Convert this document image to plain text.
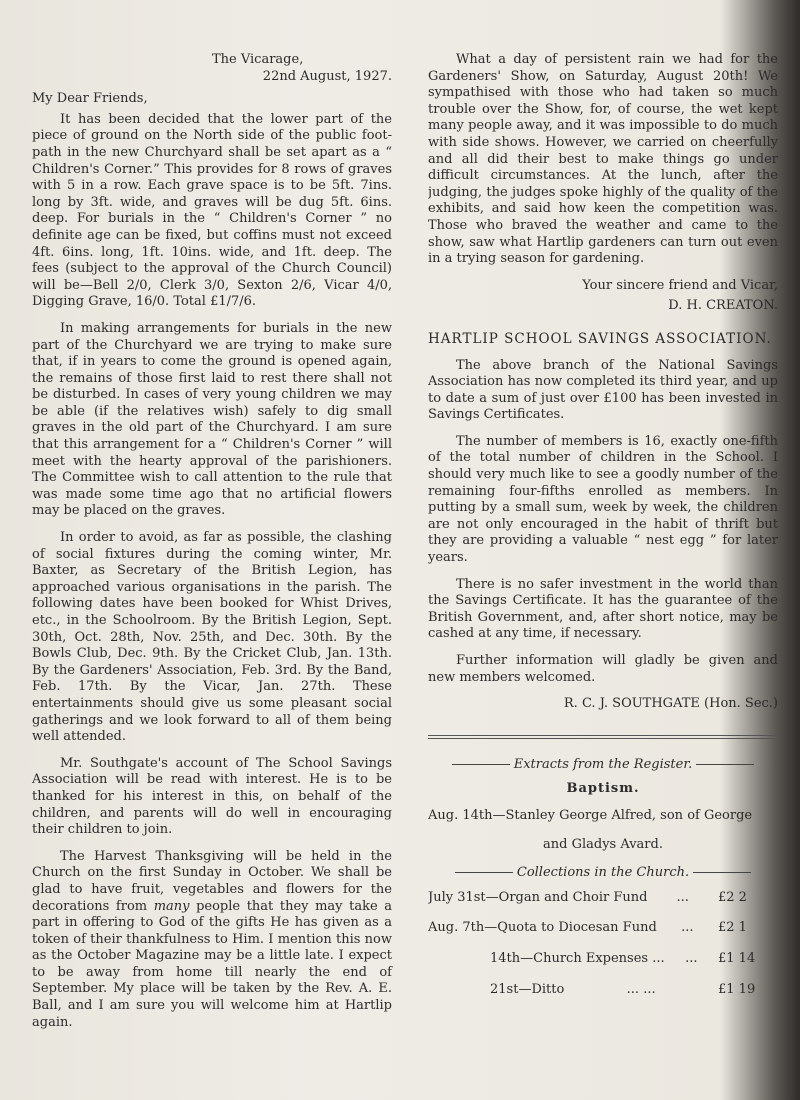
The Vicarage,

22nd August, 1927.

My Dear Friends,

It has been decided that the lower part of the piece of ground on the North side of the public foot-path in the new Churchyard shall be set apart as a “ Children's Corner.” This provides for 8 rows of graves with 5 in a row. Each grave space is to be 5ft. 7ins. long by 3ft. wide, and graves will be dug 5ft. 6ins. deep. For burials in the “ Children's Corner ” no definite age can be fixed, but coffins must not exceed 4ft. 6ins. long, 1ft. 10ins. wide, and 1ft. deep. The fees (subject to the approval of the Church Council) will be—Bell 2/0, Clerk 3/0, Sexton 2/6, Vicar 4/0, Digging Grave, 16/0. Total £1/7/6.

In making arrangements for burials in the new part of the Churchyard we are trying to make sure that, if in years to come the ground is opened again, the remains of those first laid to rest there shall not be disturbed. In cases of very young children we may be able (if the relatives wish) safely to dig small graves in the old part of the Churchyard. I am sure that this arrangement for a “ Children's Corner ” will meet with the hearty approval of the parishioners. The Committee wish to call attention to the rule that was made some time ago that no artificial flowers may be placed on the graves.

In order to avoid, as far as possible, the clashing of social fixtures during the coming winter, Mr. Baxter, as Secretary of the British Legion, has approached various organisations in the parish. The following dates have been booked for Whist Drives, etc., in the Schoolroom. By the British Legion, Sept. 30th, Oct. 28th, Nov. 25th, and Dec. 30th. By the Bowls Club, Dec. 9th. By the Cricket Club, Jan. 13th. By the Gardeners' Association, Feb. 3rd. By the Band, Feb. 17th. By the Vicar, Jan. 27th. These entertainments should give us some pleasant social gatherings and we look forward to all of them being well attended.

Mr. Southgate's account of The School Savings Association will be read with interest. He is to be thanked for his interest in this, on behalf of the children, and parents will do well in encouraging their children to join.

The Harvest Thanksgiving will be held in the Church on the first Sunday in October. We shall be glad to have fruit, vegetables and flowers for the decorations from many people that they may take a part in offering to God of the gifts He has given as a token of their thankfulness to Him. I mention this now as the October Magazine may be a little late. I expect to be away from home till nearly the end of September. My place will be taken by the Rev. A. E. Ball, and I am sure you will welcome him at Hartlip again.

What a day of persistent rain we had for the Gardeners' Show, on Saturday, August 20th! We sympathised with those who had taken so much trouble over the Show, for, of course, the wet kept many people away, and it was impossible to do much with side shows. However, we carried on cheerfully and all did their best to make things go under difficult circumstances. At the lunch, after the judging, the judges spoke highly of the quality of the exhibits, and said how keen the competition was. Those who braved the weather and came to the show, saw what Hartlip gardeners can turn out even in a trying season for gardening.

Your sincere friend and Vicar,

D. H. CREATON.

HARTLIP SCHOOL SAVINGS ASSOCIATION.

The above branch of the National Savings Association has now completed its third year, and up to date a sum of just over £100 has been invested in Savings Certificates.

The number of members is 16, exactly one-fifth of the total number of children in the School. I should very much like to see a goodly number of the remaining four-fifths enrolled as members. In putting by a small sum, week by week, the children are not only encouraged in the habit of thrift but they are providing a valuable “ nest egg ” for later years.

There is no safer investment in the world than the Savings Certificate. It has the guarantee of the British Government, and, after short notice, may be cashed at any time, if necessary.

Further information will gladly be given and new members welcomed.

R. C. J. SOUTHGATE (Hon. Sec.)

Extracts from the Register.

Baptism.

Aug. 14th—Stanley George Alfred, son of George

and Gladys Avard.

Collections in the Church.

July 31st—Organ and Choir Fund	...	£2 2
Aug. 7th—Quota to Diocesan Fund	...	£2 1
14th—Church Expenses ...	...	£1 14
21st—Ditto	... ...	£1 19
